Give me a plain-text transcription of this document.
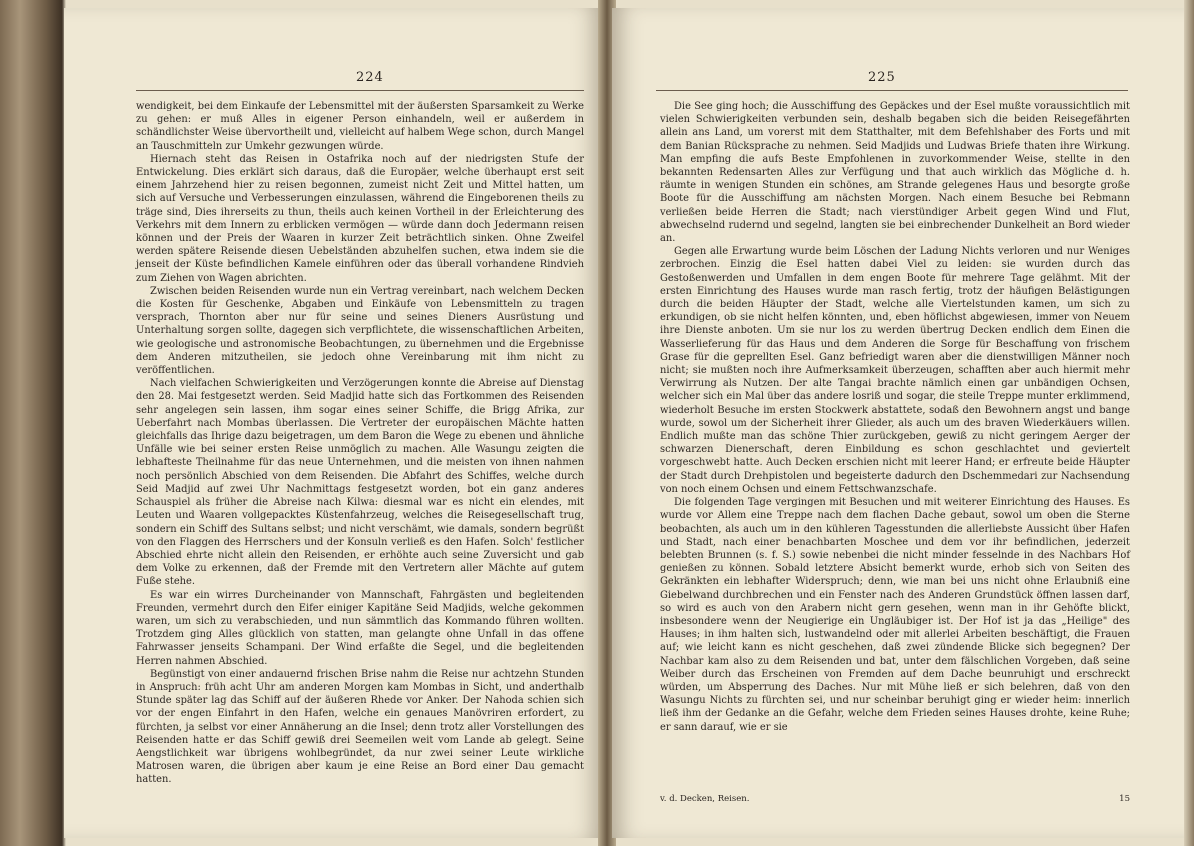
224

wendigkeit, bei dem Einkaufe der Lebensmittel mit der äußersten Sparsamkeit zu Werke zu gehen: er muß Alles in eigener Person einhandeln, weil er außerdem in schändlichster Weise übervortheilt und, vielleicht auf halbem Wege schon, durch Mangel an Tauschmitteln zur Umkehr gezwungen würde.

Hiernach steht das Reisen in Ostafrika noch auf der niedrigsten Stufe der Entwickelung. Dies erklärt sich daraus, daß die Europäer, welche überhaupt erst seit einem Jahrzehend hier zu reisen begonnen, zumeist nicht Zeit und Mittel hatten, um sich auf Versuche und Verbesserungen einzulassen, während die Eingeborenen theils zu träge sind, Dies ihrerseits zu thun, theils auch keinen Vortheil in der Erleichterung des Verkehrs mit dem Innern zu erblicken vermögen — würde dann doch Jedermann reisen können und der Preis der Waaren in kurzer Zeit beträchtlich sinken. Ohne Zweifel werden spätere Reisende diesen Uebelständen abzuhelfen suchen, etwa indem sie die jenseit der Küste befindlichen Kamele einführen oder das überall vorhandene Rindvieh zum Ziehen von Wagen abrichten.

Zwischen beiden Reisenden wurde nun ein Vertrag vereinbart, nach welchem Decken die Kosten für Geschenke, Abgaben und Einkäufe von Lebensmitteln zu tragen versprach, Thornton aber nur für seine und seines Dieners Ausrüstung und Unterhaltung sorgen sollte, dagegen sich verpflichtete, die wissenschaftlichen Arbeiten, wie geologische und astronomische Beobachtungen, zu übernehmen und die Ergebnisse dem Anderen mitzutheilen, sie jedoch ohne Vereinbarung mit ihm nicht zu veröffentlichen.

Nach vielfachen Schwierigkeiten und Verzögerungen konnte die Abreise auf Dienstag den 28. Mai festgesetzt werden. Seid Madjid hatte sich das Fortkommen des Reisenden sehr angelegen sein lassen, ihm sogar eines seiner Schiffe, die Brigg Afrika, zur Ueberfahrt nach Mombas überlassen. Die Vertreter der europäischen Mächte hatten gleichfalls das Ihrige dazu beigetragen, um dem Baron die Wege zu ebenen und ähnliche Unfälle wie bei seiner ersten Reise unmöglich zu machen. Alle Wasungu zeigten die lebhafteste Theilnahme für das neue Unternehmen, und die meisten von ihnen nahmen noch persönlich Abschied von dem Reisenden. Die Abfahrt des Schiffes, welche durch Seid Madjid auf zwei Uhr Nachmittags festgesetzt worden, bot ein ganz anderes Schauspiel als früher die Abreise nach Kilwa: diesmal war es nicht ein elendes, mit Leuten und Waaren vollgepacktes Küstenfahrzeug, welches die Reisegesellschaft trug, sondern ein Schiff des Sultans selbst; und nicht verschämt, wie damals, sondern begrüßt von den Flaggen des Herrschers und der Konsuln verließ es den Hafen. Solch' festlicher Abschied ehrte nicht allein den Reisenden, er erhöhte auch seine Zuversicht und gab dem Volke zu erkennen, daß der Fremde mit den Vertretern aller Mächte auf gutem Fuße stehe.

Es war ein wirres Durcheinander von Mannschaft, Fahrgästen und begleitenden Freunden, vermehrt durch den Eifer einiger Kapitäne Seid Madjids, welche gekommen waren, um sich zu verabschieden, und nun sämmtlich das Kommando führen wollten. Trotzdem ging Alles glücklich von statten, man gelangte ohne Unfall in das offene Fahrwasser jenseits Schampani. Der Wind erfaßte die Segel, und die begleitenden Herren nahmen Abschied.

Begünstigt von einer andauernd frischen Brise nahm die Reise nur achtzehn Stunden in Anspruch: früh acht Uhr am anderen Morgen kam Mombas in Sicht, und anderthalb Stunde später lag das Schiff auf der äußeren Rhede vor Anker. Der Nahoda schien sich vor der engen Einfahrt in den Hafen, welche ein genaues Manövriren erfordert, zu fürchten, ja selbst vor einer Annäherung an die Insel; denn trotz aller Vorstellungen des Reisenden hatte er das Schiff gewiß drei Seemeilen weit vom Lande ab gelegt. Seine Aengstlichkeit war übrigens wohlbegründet, da nur zwei seiner Leute wirkliche Matrosen waren, die übrigen aber kaum je eine Reise an Bord einer Dau gemacht hatten.

225

Die See ging hoch; die Ausschiffung des Gepäckes und der Esel mußte voraussichtlich mit vielen Schwierigkeiten verbunden sein, deshalb begaben sich die beiden Reisegefährten allein ans Land, um vorerst mit dem Statthalter, mit dem Befehlshaber des Forts und mit dem Banian Rücksprache zu nehmen. Seid Madjids und Ludwas Briefe thaten ihre Wirkung. Man empfing die aufs Beste Empfohlenen in zuvorkommender Weise, stellte in den bekannten Redensarten Alles zur Verfügung und that auch wirklich das Mögliche d. h. räumte in wenigen Stunden ein schönes, am Strande gelegenes Haus und besorgte große Boote für die Ausschiffung am nächsten Morgen. Nach einem Besuche bei Rebmann verließen beide Herren die Stadt; nach vierstündiger Arbeit gegen Wind und Flut, abwechselnd rudernd und segelnd, langten sie bei einbrechender Dunkelheit an Bord wieder an.

Gegen alle Erwartung wurde beim Löschen der Ladung Nichts verloren und nur Weniges zerbrochen. Einzig die Esel hatten dabei Viel zu leiden: sie wurden durch das Gestoßenwerden und Umfallen in dem engen Boote für mehrere Tage gelähmt. Mit der ersten Einrichtung des Hauses wurde man rasch fertig, trotz der häufigen Belästigungen durch die beiden Häupter der Stadt, welche alle Viertelstunden kamen, um sich zu erkundigen, ob sie nicht helfen könnten, und, eben höflichst abgewiesen, immer von Neuem ihre Dienste anboten. Um sie nur los zu werden übertrug Decken endlich dem Einen die Wasserlieferung für das Haus und dem Anderen die Sorge für Beschaffung von frischem Grase für die geprellten Esel. Ganz befriedigt waren aber die dienstwilligen Männer noch nicht; sie mußten noch ihre Aufmerksamkeit überzeugen, schafften aber auch hiermit mehr Verwirrung als Nutzen. Der alte Tangai brachte nämlich einen gar unbändigen Ochsen, welcher sich ein Mal über das andere losriß und sogar, die steile Treppe munter erklimmend, wiederholt Besuche im ersten Stockwerk abstattete, sodaß den Bewohnern angst und bange wurde, sowol um der Sicherheit ihrer Glieder, als auch um des braven Wiederkäuers willen. Endlich mußte man das schöne Thier zurückgeben, gewiß zu nicht geringem Aerger der schwarzen Dienerschaft, deren Einbildung es schon geschlachtet und geviertelt vorgeschwebt hatte. Auch Decken erschien nicht mit leerer Hand; er erfreute beide Häupter der Stadt durch Drehpistolen und begeisterte dadurch den Dschemmedari zur Nachsendung von noch einem Ochsen und einem Fettschwanzschafe.

Die folgenden Tage vergingen mit Besuchen und mit weiterer Einrichtung des Hauses. Es wurde vor Allem eine Treppe nach dem flachen Dache gebaut, sowol um oben die Sterne beobachten, als auch um in den kühleren Tagesstunden die allerliebste Aussicht über Hafen und Stadt, nach einer benachbarten Moschee und dem vor ihr befindlichen, jederzeit belebten Brunnen (s. f. S.) sowie nebenbei die nicht minder fesselnde in des Nachbars Hof genießen zu können. Sobald letztere Absicht bemerkt wurde, erhob sich von Seiten des Gekränkten ein lebhafter Widerspruch; denn, wie man bei uns nicht ohne Erlaubniß eine Giebelwand durchbrechen und ein Fenster nach des Anderen Grundstück öffnen lassen darf, so wird es auch von den Arabern nicht gern gesehen, wenn man in ihr Gehöfte blickt, insbesondere wenn der Neugierige ein Ungläubiger ist. Der Hof ist ja das „Heilige" des Hauses; in ihm halten sich, lustwandelnd oder mit allerlei Arbeiten beschäftigt, die Frauen auf; wie leicht kann es nicht geschehen, daß zwei zündende Blicke sich begegnen? Der Nachbar kam also zu dem Reisenden und bat, unter dem fälschlichen Vorgeben, daß seine Weiber durch das Erscheinen von Fremden auf dem Dache beunruhigt und erschreckt würden, um Absperrung des Daches. Nur mit Mühe ließ er sich belehren, daß von den Wasungu Nichts zu fürchten sei, und nur scheinbar beruhigt ging er wieder heim: innerlich ließ ihm der Gedanke an die Gefahr, welche dem Frieden seines Hauses drohte, keine Ruhe; er sann darauf, wie er sie

v. d. Decken, Reisen.	15
